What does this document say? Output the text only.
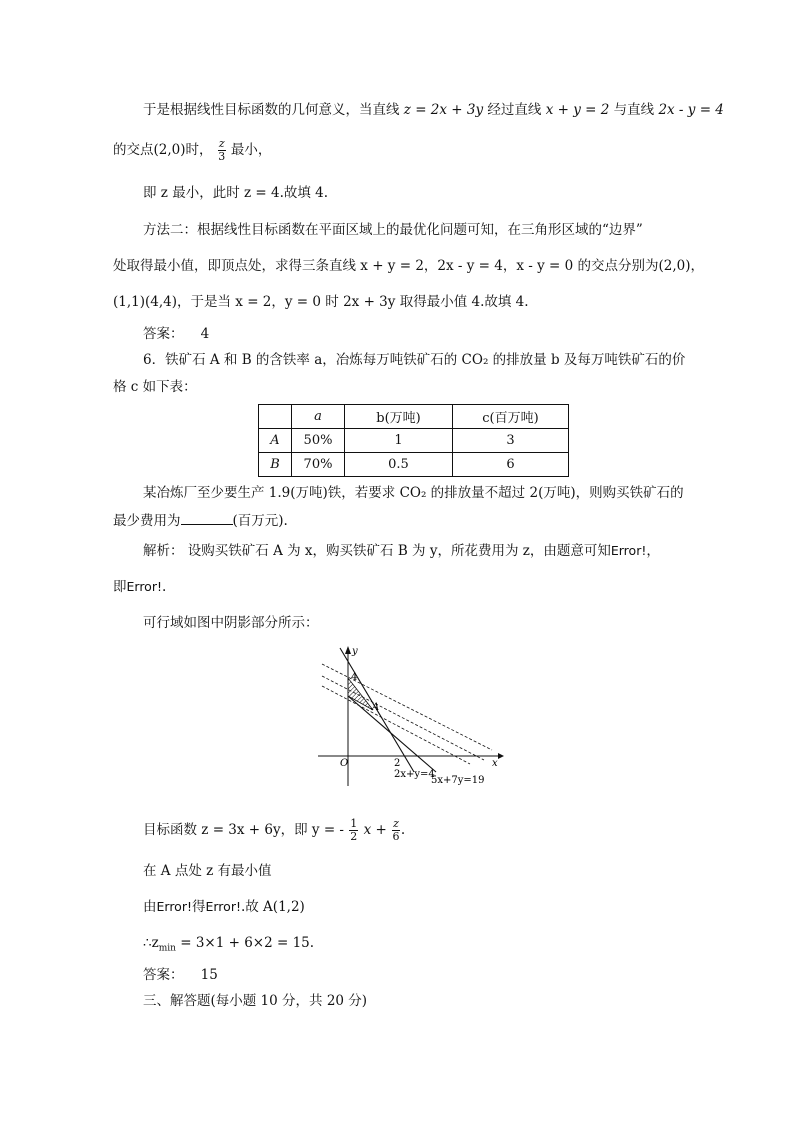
于是根据线性目标函数的几何意义，当直线 z = 2x + 3y 经过直线 x + y = 2 与直线 2x - y = 4
的交点(2,0)时， $\frac{z}{3}$ 最小，
即 z 最小，此时 z = 4.故填 4.
方法二：根据线性目标函数在平面区域上的最优化问题可知，在三角形区域的“边界”
处取得最小值，即顶点处，求得三条直线 x + y = 2，2x - y = 4，x - y = 0 的交点分别为(2,0)，
(1,1)(4,4)，于是当 x = 2，y = 0 时 2x + 3y 取得最小值 4.故填 4.
答案： 4
6．铁矿石 A 和 B 的含铁率 a，冶炼每万吨铁矿石的 CO₂ 的排放量 b 及每万吨铁矿石的价
格 c 如下表：
	a	b(万吨)	c(百万吨)
A	50%	1	3
B	70%	0.5	6
某冶炼厂至少要生产 1.9(万吨)铁，若要求 CO₂ 的排放量不超过 2(万吨)，则购买铁矿石的
最少费用为	(百万元).
解析： 设购买铁矿石 A 为 x，购买铁矿石 B 为 y，所花费用为 z，由题意可知Error!，
即Error!.
可行域如图中阴影部分所示：
y
x
O
4
2
A
2x+y=4
5x+7y=19
目标函数 z = 3x + 6y，即 y = - $\frac{1}{2}$ $x + \frac{z}{6}$ .
在 A 点处 z 有最小值
由Error!得Error!.故 A(1,2)
$\therefore z_{min} = 3\times 1 + 6\times 2 = 15$.
答案： 15
三、解答题(每小题 10 分，共 20 分)
